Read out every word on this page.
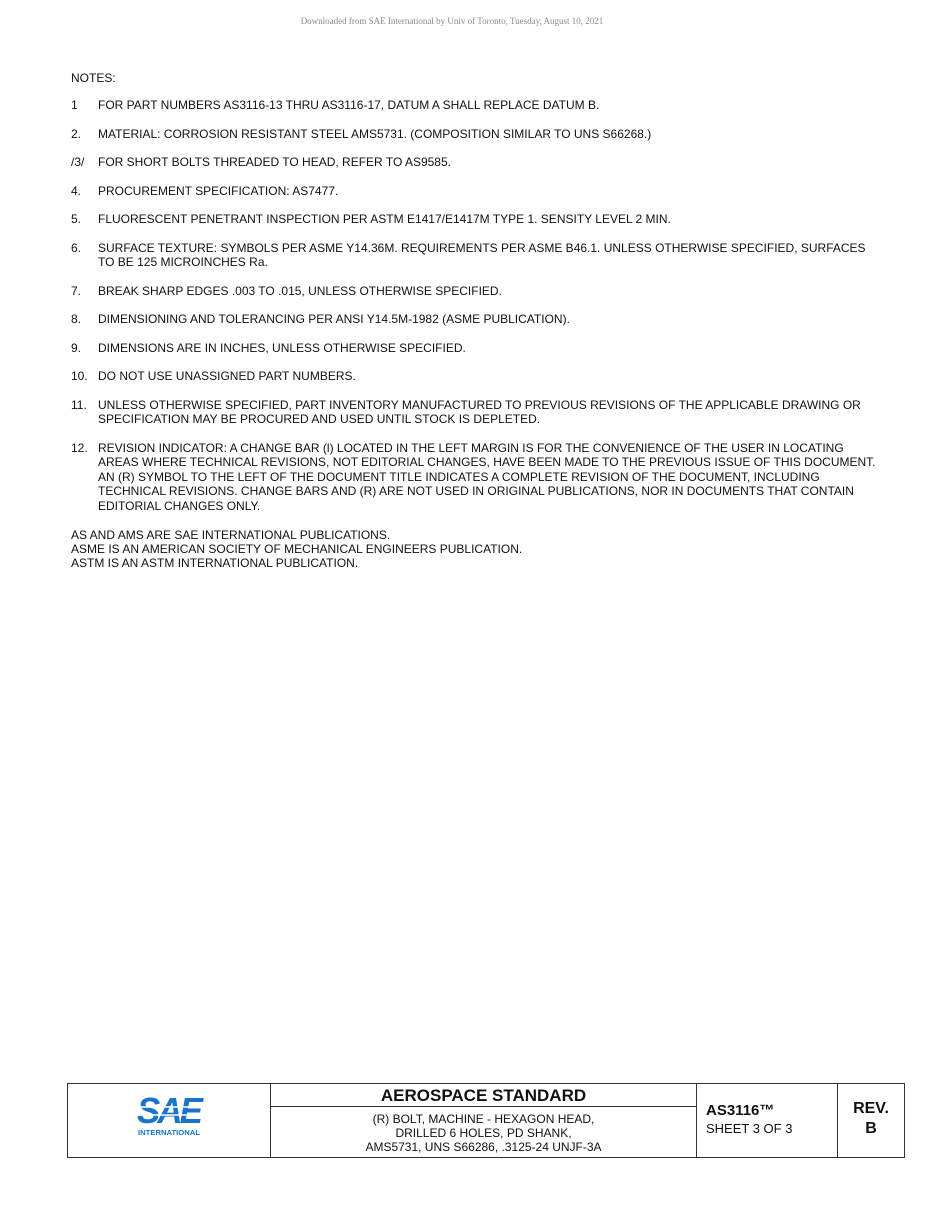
Downloaded from SAE International by Univ of Toronto, Tuesday, August 10, 2021
NOTES:
1	FOR PART NUMBERS AS3116-13 THRU AS3116-17, DATUM A SHALL REPLACE DATUM B.
2.	MATERIAL: CORROSION RESISTANT STEEL AMS5731. (COMPOSITION SIMILAR TO UNS S66268.)
/3/	FOR SHORT BOLTS THREADED TO HEAD, REFER TO AS9585.
4.	PROCUREMENT SPECIFICATION: AS7477.
5.	FLUORESCENT PENETRANT INSPECTION PER ASTM E1417/E1417M TYPE 1. SENSITY LEVEL 2 MIN.
6.	SURFACE TEXTURE: SYMBOLS PER ASME Y14.36M. REQUIREMENTS PER ASME B46.1. UNLESS OTHERWISE SPECIFIED, SURFACES TO BE 125 MICROINCHES Ra.
7.	BREAK SHARP EDGES .003 TO .015, UNLESS OTHERWISE SPECIFIED.
8.	DIMENSIONING AND TOLERANCING PER ANSI Y14.5M-1982 (ASME PUBLICATION).
9.	DIMENSIONS ARE IN INCHES, UNLESS OTHERWISE SPECIFIED.
10. DO NOT USE UNASSIGNED PART NUMBERS.
11. UNLESS OTHERWISE SPECIFIED, PART INVENTORY MANUFACTURED TO PREVIOUS REVISIONS OF THE APPLICABLE DRAWING OR SPECIFICATION MAY BE PROCURED AND USED UNTIL STOCK IS DEPLETED.
12. REVISION INDICATOR: A CHANGE BAR (l) LOCATED IN THE LEFT MARGIN IS FOR THE CONVENIENCE OF THE USER IN LOCATING AREAS WHERE TECHNICAL REVISIONS, NOT EDITORIAL CHANGES, HAVE BEEN MADE TO THE PREVIOUS ISSUE OF THIS DOCUMENT. AN (R) SYMBOL TO THE LEFT OF THE DOCUMENT TITLE INDICATES A COMPLETE REVISION OF THE DOCUMENT, INCLUDING TECHNICAL REVISIONS. CHANGE BARS AND (R) ARE NOT USED IN ORIGINAL PUBLICATIONS, NOR IN DOCUMENTS THAT CONTAIN EDITORIAL CHANGES ONLY.
AS AND AMS ARE SAE INTERNATIONAL PUBLICATIONS.
ASME IS AN AMERICAN SOCIETY OF MECHANICAL ENGINEERS PUBLICATION.
ASTM IS AN ASTM INTERNATIONAL PUBLICATION.
SAE
INTERNATIONAL
AEROSPACE STANDARD
(R) BOLT, MACHINE - HEXAGON HEAD,
DRILLED 6 HOLES, PD SHANK,
AMS5731, UNS S66286, .3125-24 UNJF-3A
AS3116™
SHEET 3 OF 3
REV.
B
